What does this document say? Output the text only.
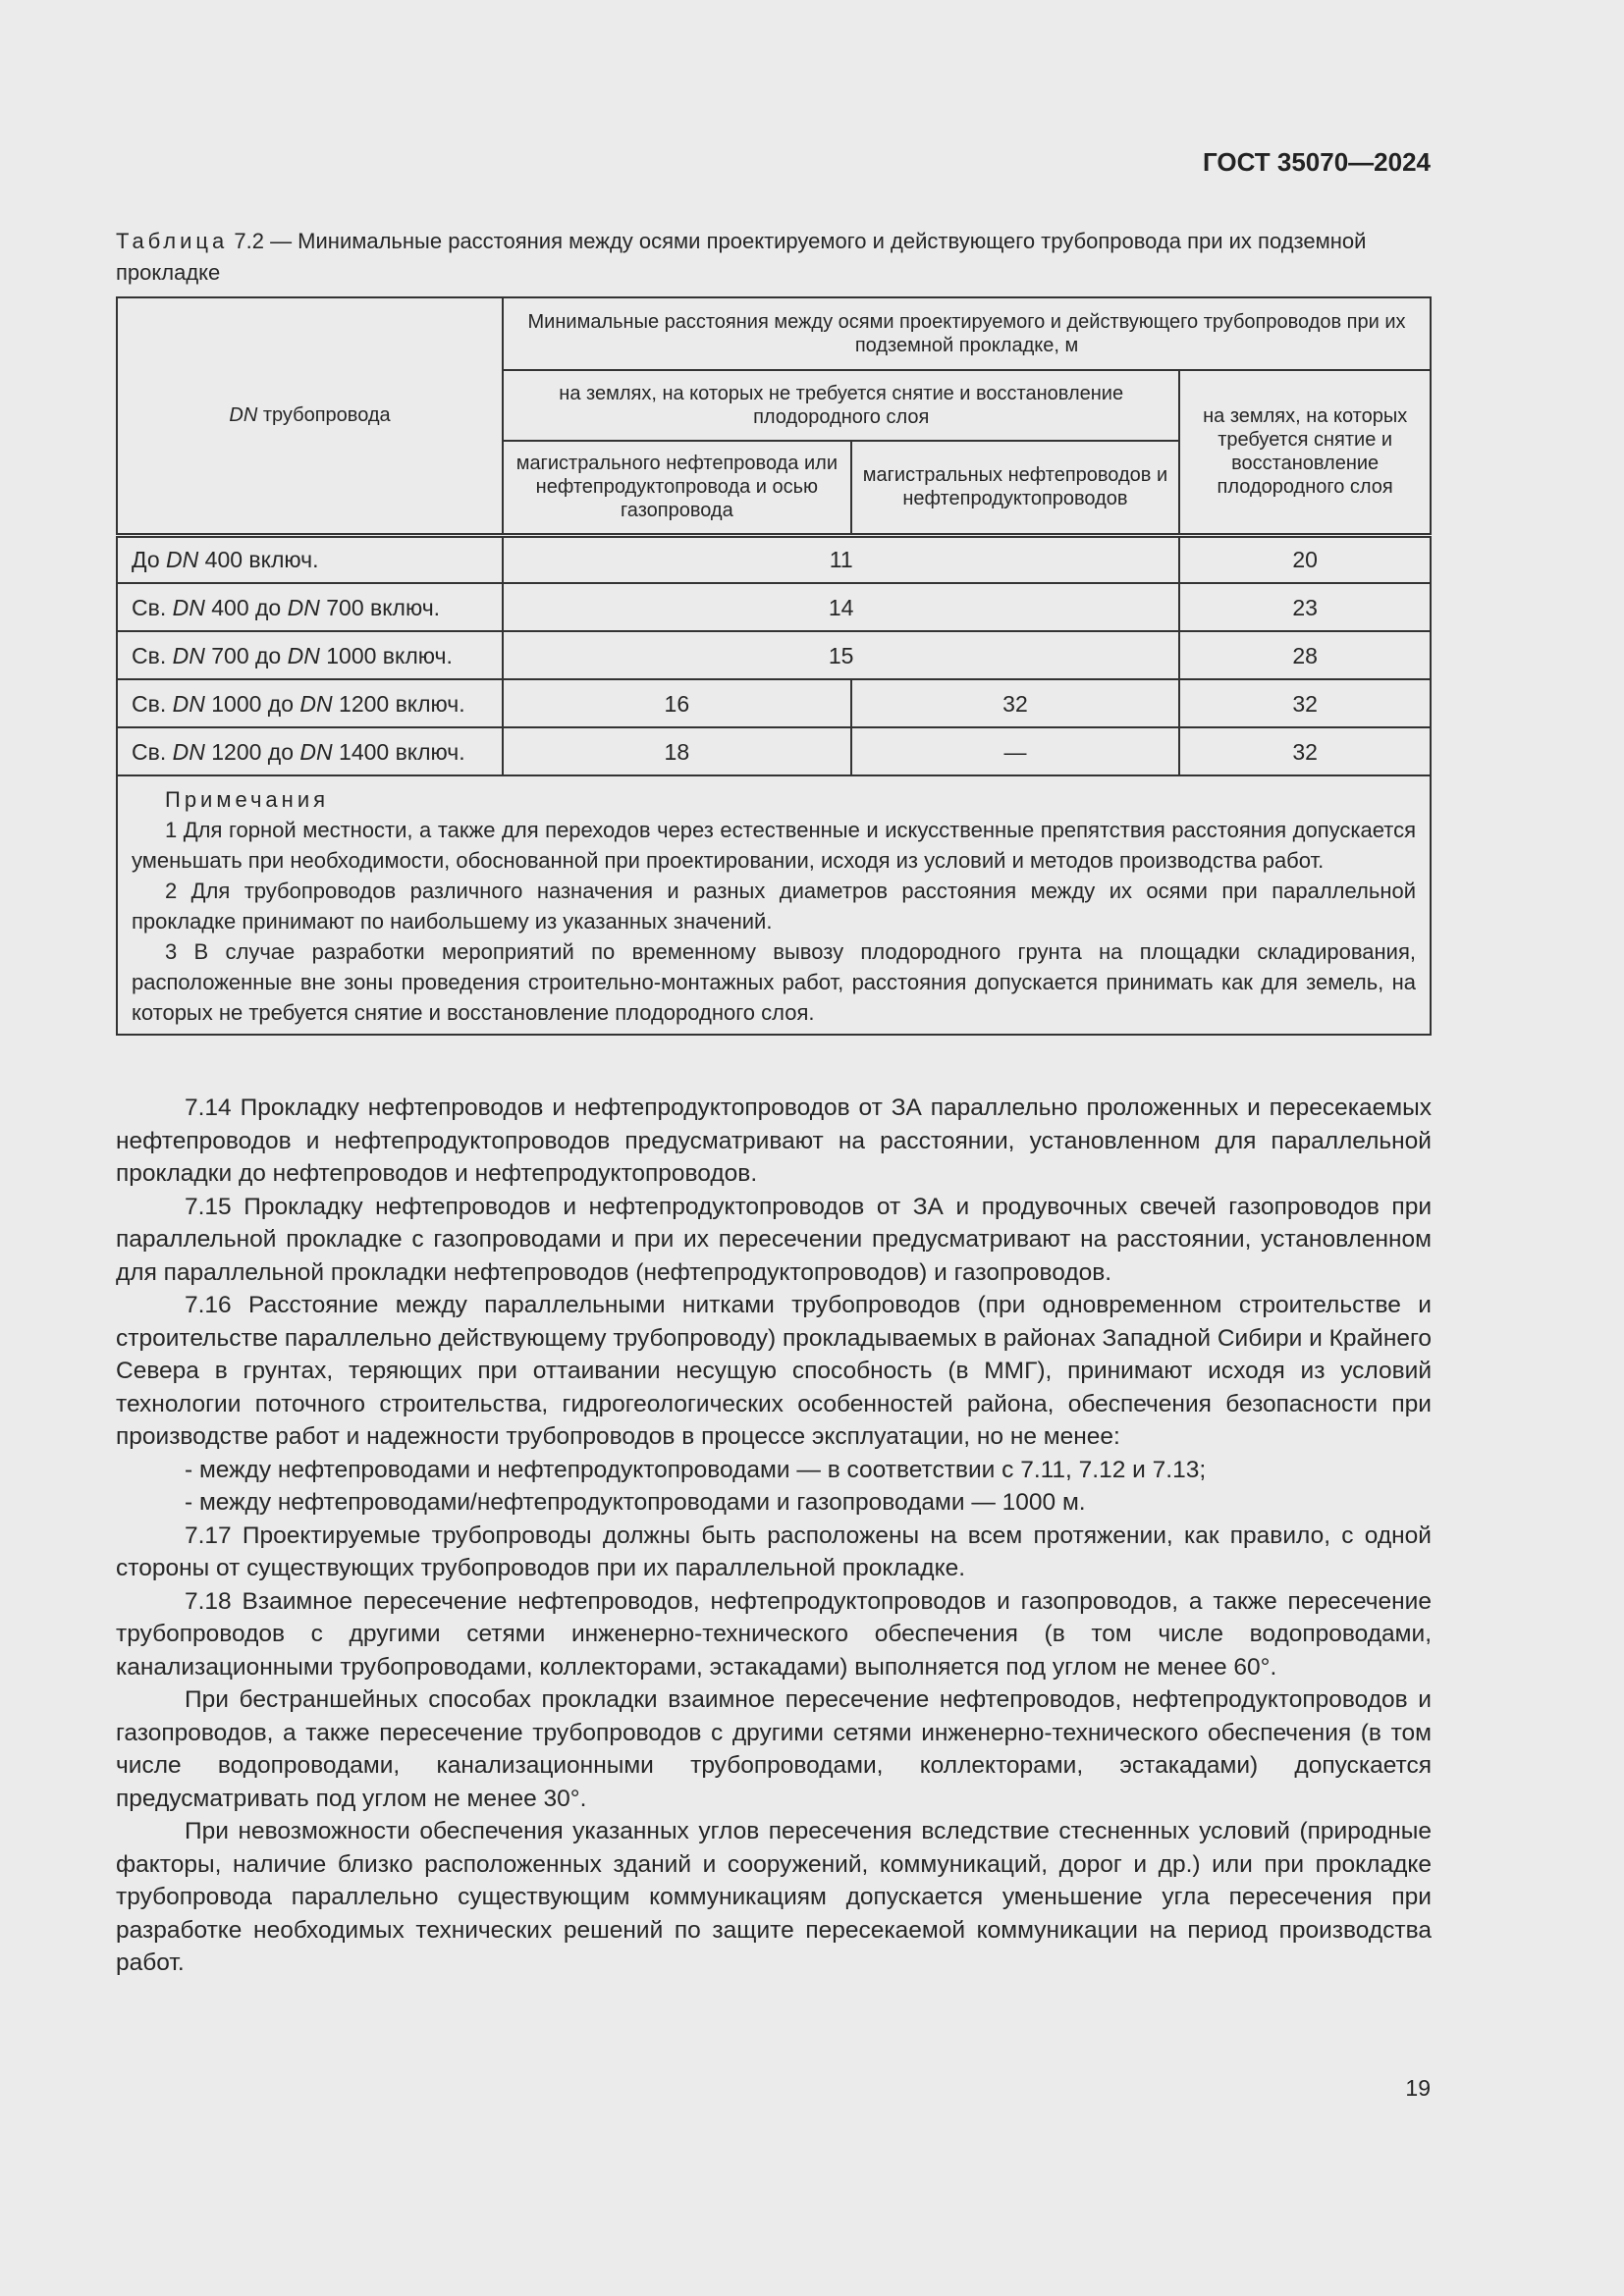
ГОСТ 35070—2024
Таблица 7.2 — Минимальные расстояния между осями проектируемого и действующего трубопровода при их подземной прокладке
DN трубопровода	Минимальные расстояния между осями проектируемого и действующего трубопроводов при их подземной прокладке, м		
	на землях, на которых не требуется снятие и восстановление плодородного слоя		на землях, на которых требуется снятие и восстановление плодородного слоя
	магистрального нефтепровода или нефтепродуктопровода и осью газопровода	магистральных нефтепроводов и нефтепродуктопроводов	
До DN 400 включ.	11		20
Св. DN 400 до DN 700 включ.	14		23
Св. DN 700 до DN 1000 включ.	15		28
Св. DN 1000 до DN 1200 включ.	16	32	32
Св. DN 1200 до DN 1400 включ.	18	—	32

Примечания
1 Для горной местности, а также для переходов через естественные и искусственные препятствия расстояния допускается уменьшать при необходимости, обоснованной при проектировании, исходя из условий и методов производства работ.
2 Для трубопроводов различного назначения и разных диаметров расстояния между их осями при параллельной прокладке принимают по наибольшему из указанных значений.
3 В случае разработки мероприятий по временному вывозу плодородного грунта на площадки складирования, расположенные вне зоны проведения строительно-монтажных работ, расстояния допускается принимать как для земель, на которых не требуется снятие и восстановление плодородного слоя.			
7.14 Прокладку нефтепроводов и нефтепродуктопроводов от ЗА параллельно проложенных и пересекаемых нефтепроводов и нефтепродуктопроводов предусматривают на расстоянии, установленном для параллельной прокладки до нефтепроводов и нефтепродуктопроводов.
7.15 Прокладку нефтепроводов и нефтепродуктопроводов от ЗА и продувочных свечей газопроводов при параллельной прокладке с газопроводами и при их пересечении предусматривают на расстоянии, установленном для параллельной прокладки нефтепроводов (нефтепродуктопроводов) и газопроводов.
7.16 Расстояние между параллельными нитками трубопроводов (при одновременном строительстве и строительстве параллельно действующему трубопроводу) прокладываемых в районах Западной Сибири и Крайнего Севера в грунтах, теряющих при оттаивании несущую способность (в ММГ), принимают исходя из условий технологии поточного строительства, гидрогеологических особенностей района, обеспечения безопасности при производстве работ и надежности трубопроводов в процессе эксплуатации, но не менее:
- между нефтепроводами и нефтепродуктопроводами — в соответствии с 7.11, 7.12 и 7.13;
- между нефтепроводами/нефтепродуктопроводами и газопроводами — 1000 м.
7.17 Проектируемые трубопроводы должны быть расположены на всем протяжении, как правило, с одной стороны от существующих трубопроводов при их параллельной прокладке.
7.18 Взаимное пересечение нефтепроводов, нефтепродуктопроводов и газопроводов, а также пересечение трубопроводов с другими сетями инженерно-технического обеспечения (в том числе водопроводами, канализационными трубопроводами, коллекторами, эстакадами) выполняется под углом не менее 60°.
При бестраншейных способах прокладки взаимное пересечение нефтепроводов, нефтепродуктопроводов и газопроводов, а также пересечение трубопроводов с другими сетями инженерно-технического обеспечения (в том числе водопроводами, канализационными трубопроводами, коллекторами, эстакадами) допускается предусматривать под углом не менее 30°.
При невозможности обеспечения указанных углов пересечения вследствие стесненных условий (природные факторы, наличие близко расположенных зданий и сооружений, коммуникаций, дорог и др.) или при прокладке трубопровода параллельно существующим коммуникациям допускается уменьшение угла пересечения при разработке необходимых технических решений по защите пересекаемой коммуникации на период производства работ.
19
